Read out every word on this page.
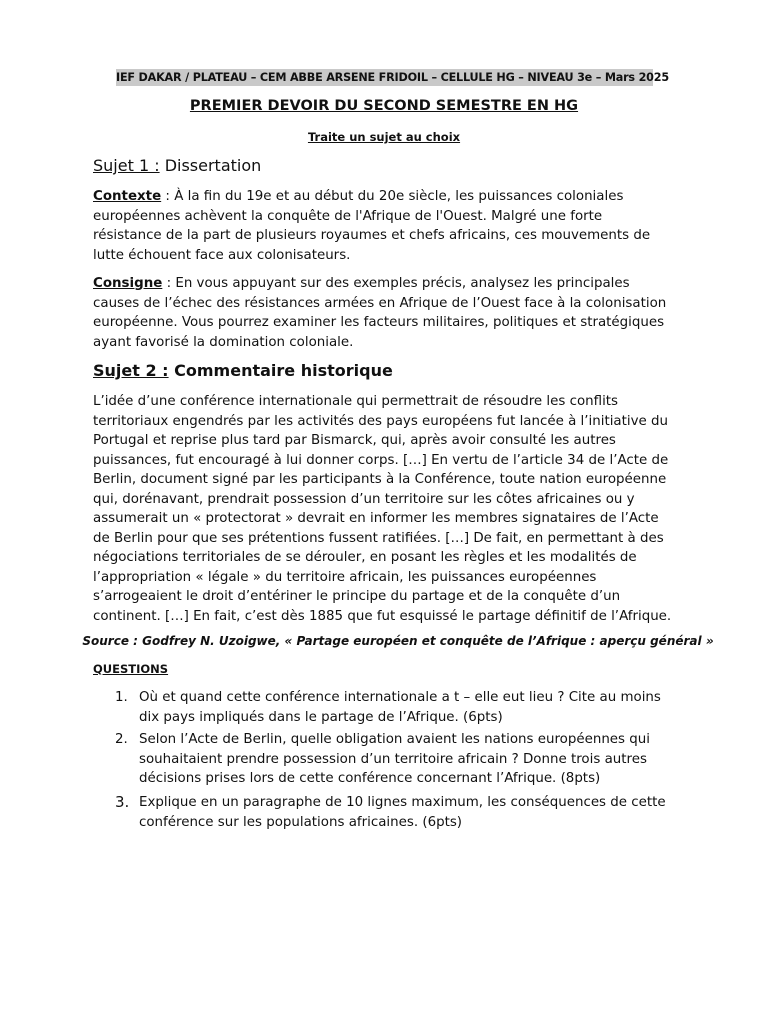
IEF DAKAR / PLATEAU – CEM ABBE ARSENE FRIDOIL – CELLULE HG – NIVEAU 3e – Mars 2025
PREMIER DEVOIR DU SECOND SEMESTRE EN HG
Traite un sujet au choix
Sujet 1 : Dissertation
Contexte : À la fin du 19e et au début du 20e siècle, les puissances coloniales européennes achèvent la conquête de l'Afrique de l'Ouest. Malgré une forte résistance de la part de plusieurs royaumes et chefs africains, ces mouvements de lutte échouent face aux colonisateurs.
Consigne : En vous appuyant sur des exemples précis, analysez les principales causes de l’échec des résistances armées en Afrique de l’Ouest face à la colonisation européenne. Vous pourrez examiner les facteurs militaires, politiques et stratégiques ayant favorisé la domination coloniale.
Sujet 2 : Commentaire historique
L’idée d’une conférence internationale qui permettrait de résoudre les conflits territoriaux engendrés par les activités des pays européens fut lancée à l’initiative du Portugal et reprise plus tard par Bismarck, qui, après avoir consulté les autres puissances, fut encouragé à lui donner corps. […] En vertu de l’article 34 de l’Acte de Berlin, document signé par les participants à la Conférence, toute nation européenne qui, dorénavant, prendrait possession d’un territoire sur les côtes africaines ou y assumerait un « protectorat » devrait en informer les membres signataires de l’Acte de Berlin pour que ses prétentions fussent ratifiées. […] De fait, en permettant à des négociations territoriales de se dérouler, en posant les règles et les modalités de l’appropriation « légale » du territoire africain, les puissances européennes s’arrogeaient le droit d’entériner le principe du partage et de la conquête d’un continent. […] En fait, c’est dès 1885 que fut esquissé le partage définitif de l’Afrique.
Source : Godfrey N. Uzoigwe, « Partage européen et conquête de l’Afrique : aperçu général »
QUESTIONS
1. Où et quand cette conférence internationale a t – elle eut lieu ? Cite au moins dix pays impliqués dans le partage de l’Afrique. (6pts)
2. Selon l’Acte de Berlin, quelle obligation avaient les nations européennes qui souhaitaient prendre possession d’un territoire africain ? Donne trois autres décisions prises lors de cette conférence concernant l’Afrique. (8pts)
3. Explique en un paragraphe de 10 lignes maximum, les conséquences de cette conférence sur les populations africaines. (6pts)
